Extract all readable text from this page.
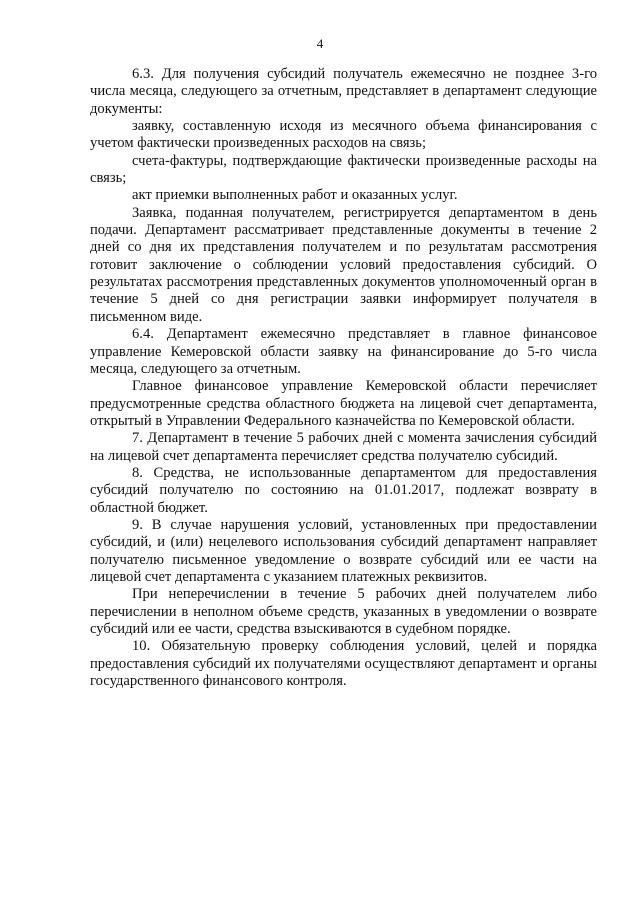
4

6.3. Для получения субсидий получатель ежемесячно не позднее 3-го числа месяца, следующего за отчетным, представляет в департамент следующие документы:

заявку, составленную исходя из месячного объема финансирования с учетом фактически произведенных расходов на связь;

счета-фактуры, подтверждающие фактически произведенные расходы на связь;

акт приемки выполненных работ и оказанных услуг.

Заявка, поданная получателем, регистрируется департаментом в день подачи. Департамент рассматривает представленные документы в течение 2 дней со дня их представления получателем и по результатам рассмотрения готовит заключение о соблюдении условий предоставления субсидий. О результатах рассмотрения представленных документов уполномоченный орган в течение 5 дней со дня регистрации заявки информирует получателя в письменном виде.

6.4. Департамент ежемесячно представляет в главное финансовое управление Кемеровской области заявку на финансирование до 5-го числа месяца, следующего за отчетным.

Главное финансовое управление Кемеровской области перечисляет предусмотренные средства областного бюджета на лицевой счет департамента, открытый в Управлении Федерального казначейства по Кемеровской области.

7. Департамент в течение 5 рабочих дней с момента зачисления субсидий на лицевой счет департамента перечисляет средства получателю субсидий.

8. Средства, не использованные департаментом для предоставления субсидий получателю по состоянию на 01.01.2017, подлежат возврату в областной бюджет.

9. В случае нарушения условий, установленных при предоставлении субсидий, и (или) нецелевого использования субсидий департамент направляет получателю письменное уведомление о возврате субсидий или ее части на лицевой счет департамента с указанием платежных реквизитов.

При неперечислении в течение 5 рабочих дней получателем либо перечислении в неполном объеме средств, указанных в уведомлении о возврате субсидий или ее части, средства взыскиваются в судебном порядке.

10. Обязательную проверку соблюдения условий, целей и порядка предоставления субсидий их получателями осуществляют департамент и органы государственного финансового контроля.
